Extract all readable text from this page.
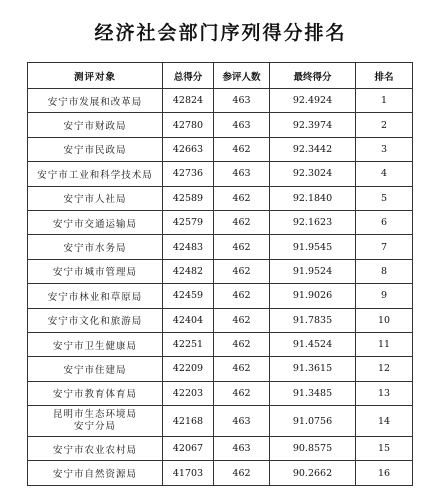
经济社会部门序列得分排名
测评对象	总得分	参评人数	最终得分	排名
安宁市发展和改革局	42824	463	92.4924	1
安宁市财政局	42780	463	92.3974	2
安宁市民政局	42663	462	92.3442	3
安宁市工业和科学技术局	42736	463	92.3024	4
安宁市人社局	42589	462	92.1840	5
安宁市交通运输局	42579	462	92.1623	6
安宁市水务局	42483	462	91.9545	7
安宁市城市管理局	42482	462	91.9524	8
安宁市林业和草原局	42459	462	91.9026	9
安宁市文化和旅游局	42404	462	91.7835	10
安宁市卫生健康局	42251	462	91.4524	11
安宁市住建局	42209	462	91.3615	12
安宁市教育体育局	42203	462	91.3485	13
昆明市生态环境局
安宁分局	42168	463	91.0756	14
安宁市农业农村局	42067	463	90.8575	15
安宁市自然资源局	41703	462	90.2662	16
